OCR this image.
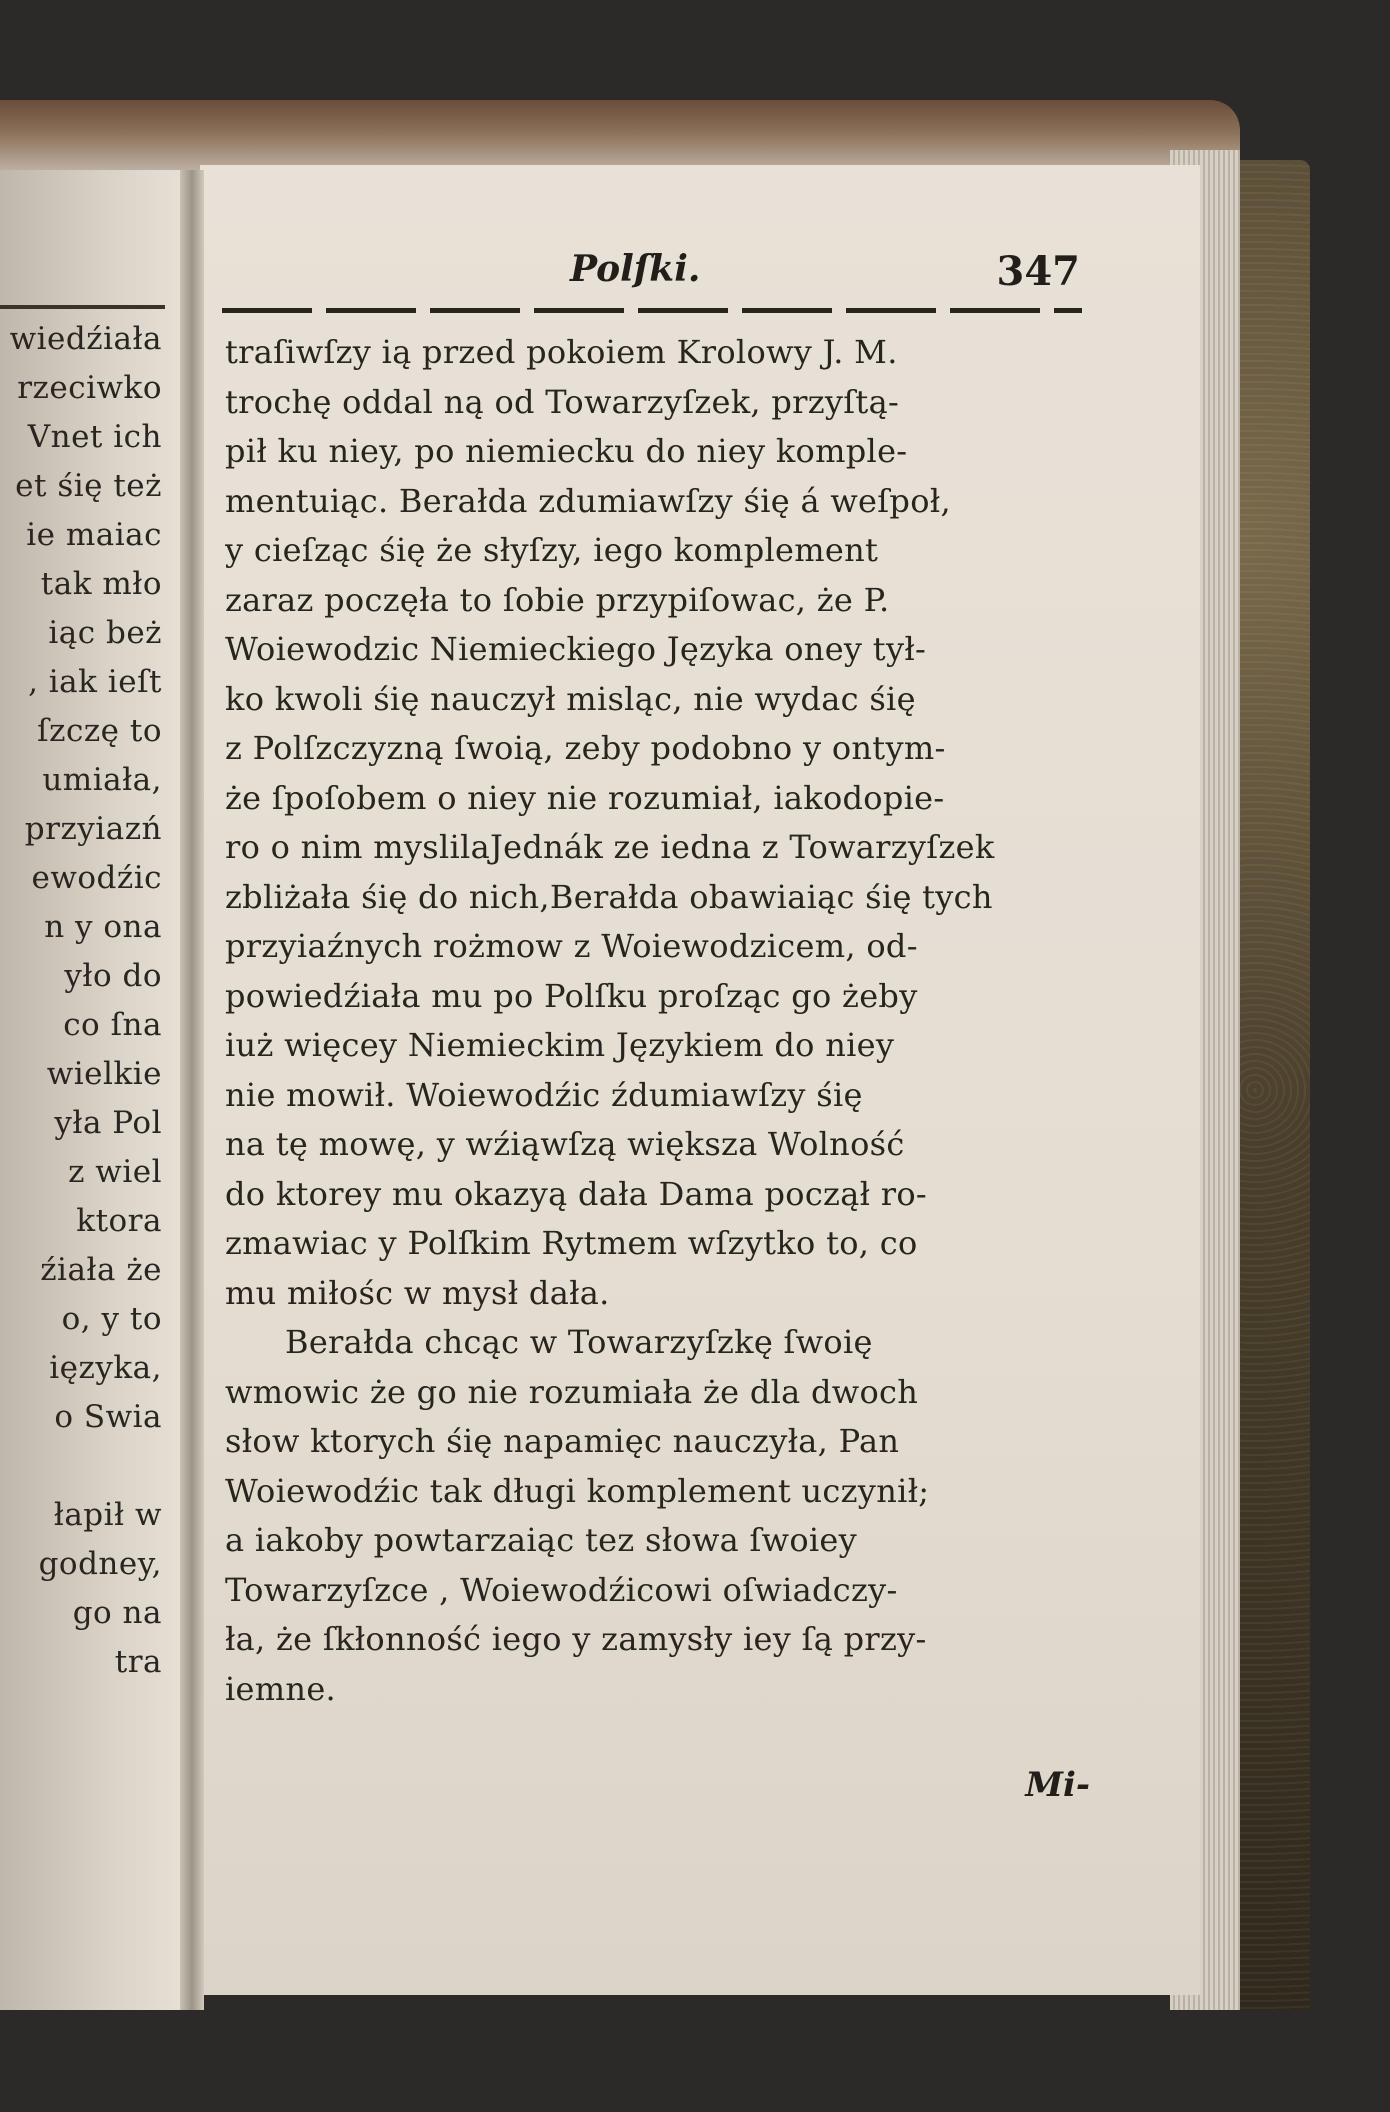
wiedźiała
rzeciwko
Vnet ich
et śię też
ie maiac
tak mło
iąc beż
, iak ieſt
ſzczę to
umiała,
przyiazń
ewodźic
n y ona
yło do
co ſna
wielkie
yła Pol
z wiel
ktora
źiała że
o, y to
ięzyka,
o Swia
łapił w
godney,
go na
tra
Polſki.	347
traſiwſzy ią przed pokoiem Krolowy J. M.
trochę oddal ną od Towarzyſzek, przyſtą-
pił ku niey, po niemiecku do niey komple-
mentuiąc. Berałda zdumiawſzy śię á weſpoł,
y cieſząc śię że słyſzy, iego komplement
zaraz poczęła to ſobie przypiſowac, że P.
Woiewodzic Niemieckiego Języka oney tył-
ko kwoli śię nauczył misląc, nie wydac śię
z Polſzczyzną ſwoią, zeby podobno y ontym-
że ſpoſobem o niey nie rozumiał, iakodopie-
ro o nim myslilaJednák ze iedna z Towarzyſzek
zbliżała śię do nich,Berałda obawiaiąc śię tych
przyiaźnych rożmow z Woiewodzicem, od-
powiedźiała mu po Polſku proſząc go żeby
iuż więcey Niemieckim Językiem do niey
nie mowił. Woiewodźic źdumiawſzy śię
na tę mowę, y wźiąwſzą większa Wolność
do ktorey mu okazyą dała Dama począł ro-
zmawiac y Polſkim Rytmem wſzytko to, co
mu miłośc w mysł dała.
Berałda chcąc w Towarzyſzkę ſwoię
wmowic że go nie rozumiała że dla dwoch
słow ktorych śię napamięc nauczyła, Pan
Woiewodźic tak długi komplement uczynił;
a iakoby powtarzaiąc tez słowa ſwoiey
Towarzyſzce , Woiewodźicowi oſwiadczy-
ła, że ſkłonność iego y zamysły iey ſą przy-
iemne.
Mi-
